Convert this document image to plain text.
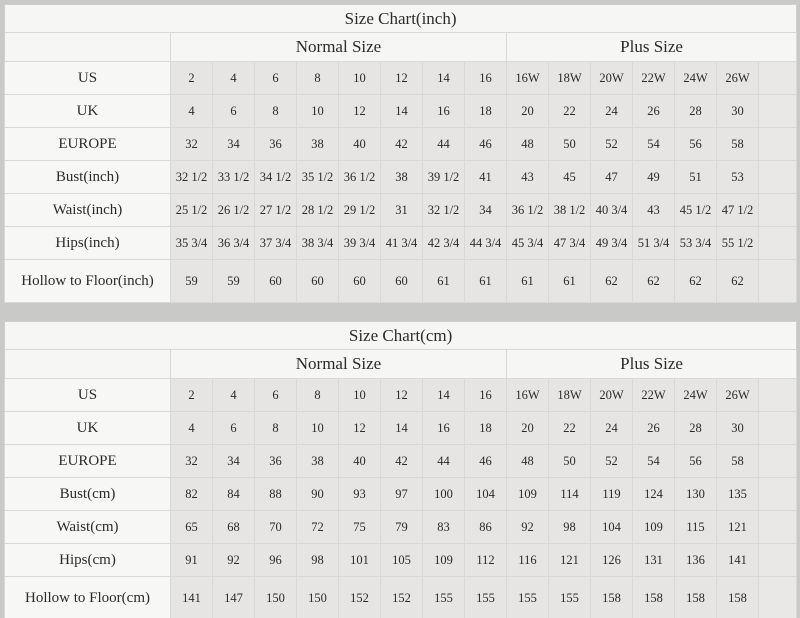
Size Chart(inch)															
	Normal Size								Plus Size						
US	2	4	6	8	10	12	14	16	16W	18W	20W	22W	24W	26W	
UK	4	6	8	10	12	14	16	18	20	22	24	26	28	30	
EUROPE	32	34	36	38	40	42	44	46	48	50	52	54	56	58	
Bust(inch)	32 1/2	33 1/2	34 1/2	35 1/2	36 1/2	38	39 1/2	41	43	45	47	49	51	53	
Waist(inch)	25 1/2	26 1/2	27 1/2	28 1/2	29 1/2	31	32 1/2	34	36 1/2	38 1/2	40 3/4	43	45 1/2	47 1/2	
Hips(inch)	35 3/4	36 3/4	37 3/4	38 3/4	39 3/4	41 3/4	42 3/4	44 3/4	45 3/4	47 3/4	49 3/4	51 3/4	53 3/4	55 1/2	
Hollow to Floor(inch)	59	59	60	60	60	60	61	61	61	61	62	62	62	62	
Size Chart(cm)															
	Normal Size								Plus Size						
US	2	4	6	8	10	12	14	16	16W	18W	20W	22W	24W	26W	
UK	4	6	8	10	12	14	16	18	20	22	24	26	28	30	
EUROPE	32	34	36	38	40	42	44	46	48	50	52	54	56	58	
Bust(cm)	82	84	88	90	93	97	100	104	109	114	119	124	130	135	
Waist(cm)	65	68	70	72	75	79	83	86	92	98	104	109	115	121	
Hips(cm)	91	92	96	98	101	105	109	112	116	121	126	131	136	141	
Hollow to Floor(cm)	141	147	150	150	152	152	155	155	155	155	158	158	158	158	
